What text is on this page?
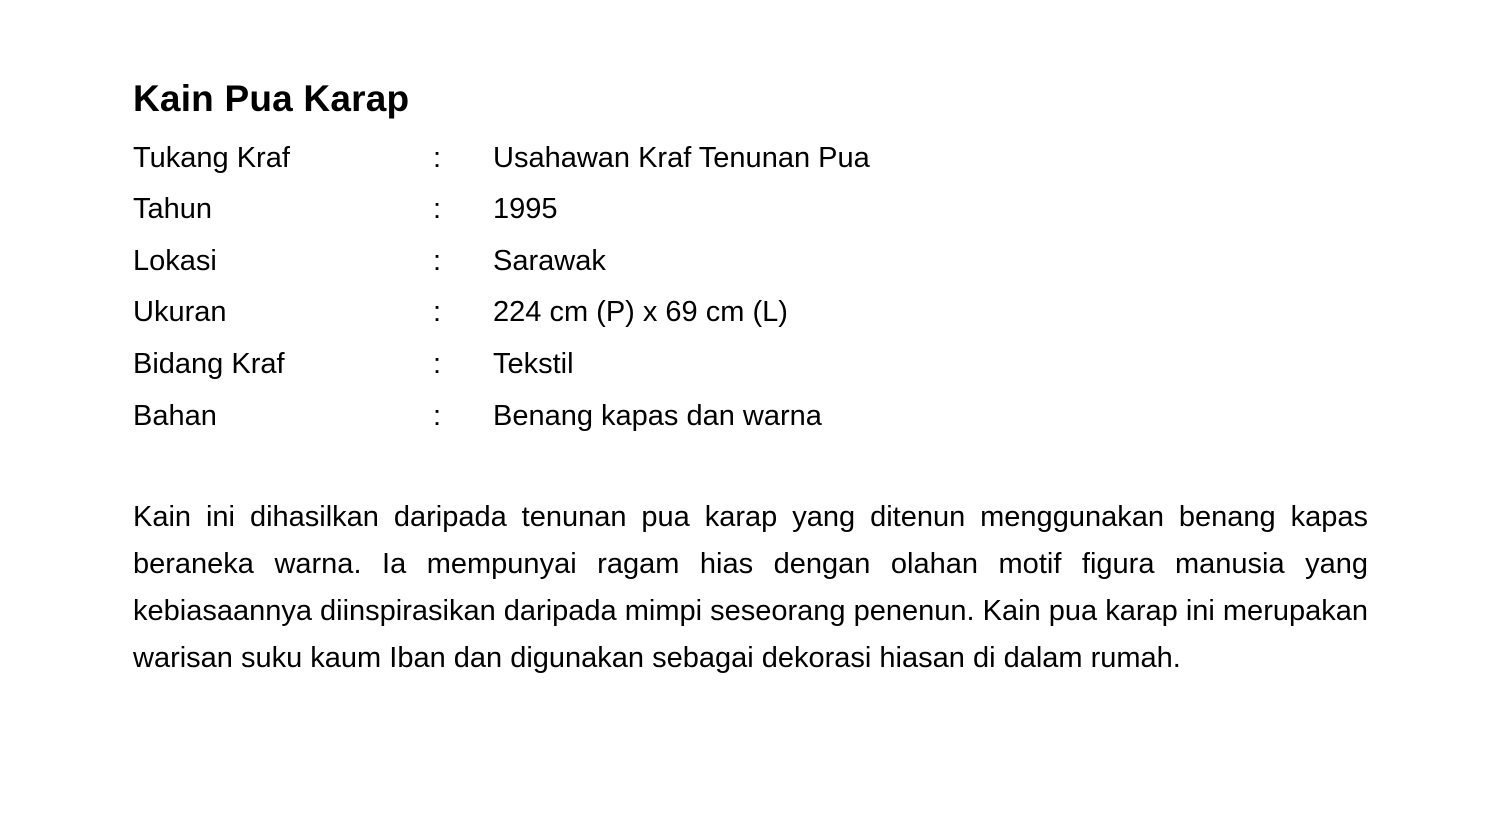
Kain Pua Karap
Tukang Kraf	:	Usahawan Kraf Tenunan Pua
Tahun	:	1995
Lokasi	:	Sarawak
Ukuran	:	224 cm (P) x 69 cm (L)
Bidang Kraf	:	Tekstil
Bahan	:	Benang kapas dan warna

Kain ini dihasilkan daripada tenunan pua karap yang ditenun menggunakan benang kapas beraneka warna. Ia mempunyai ragam hias dengan olahan motif figura manusia yang kebiasaannya diinspirasikan daripada mimpi seseorang penenun. Kain pua karap ini merupakan warisan suku kaum Iban dan digunakan sebagai dekorasi hiasan di dalam rumah.
